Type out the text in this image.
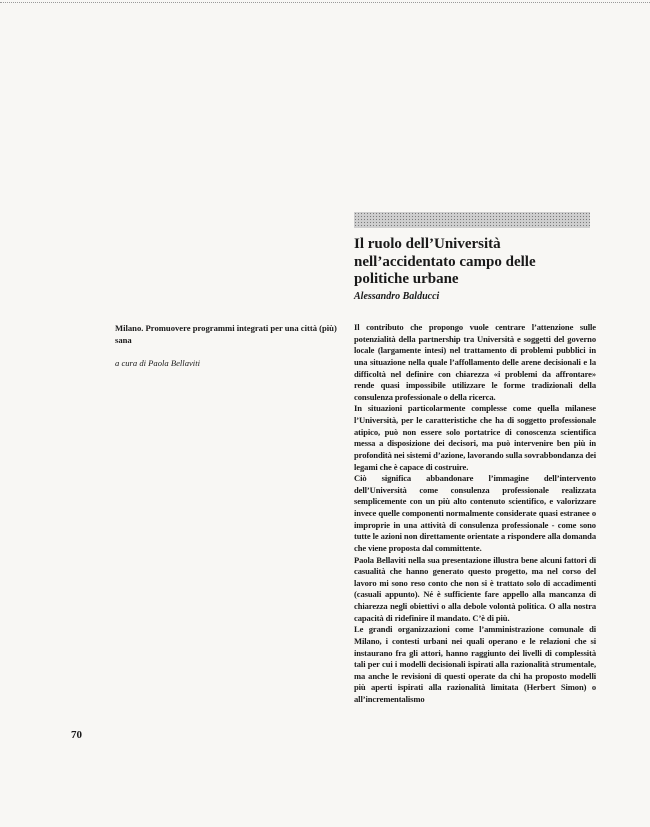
Il ruolo dell’Università nell’accidentato campo delle politiche urbane

Alessandro Balducci

Milano. Promuovere programmi integrati per una città (più) sana

a cura di Paola Bellaviti

Il contributo che propongo vuole centrare l’attenzione sulle potenzialità della partnership tra Università e soggetti del governo locale (largamente intesi) nel trattamento di problemi pubblici in una situazione nella quale l’affollamento delle arene decisionali e la difficoltà nel definire con chiarezza «i problemi da affrontare» rende quasi impossibile utilizzare le forme tradizionali della consulenza professionale o della ricerca.

In situazioni particolarmente complesse come quella milanese l’Università, per le caratteristiche che ha di soggetto professionale atipico, può non essere solo portatrice di conoscenza scientifica messa a disposizione dei decisori, ma può intervenire ben più in profondità nei sistemi d’azione, lavorando sulla sovrabbondanza dei legami che è capace di costruire.

Ciò significa abbandonare l’immagine dell’intervento dell’Università come consulenza professionale realizzata semplicemente con un più alto contenuto scientifico, e valorizzare invece quelle componenti normalmente considerate quasi estranee o improprie in una attività di consulenza professionale - come sono tutte le azioni non direttamente orientate a rispondere alla domanda che viene proposta dal committente.

Paola Bellaviti nella sua presentazione illustra bene alcuni fattori di casualità che hanno generato questo progetto, ma nel corso del lavoro mi sono reso conto che non si è trattato solo di accadimenti (casuali appunto). Né è sufficiente fare appello alla mancanza di chiarezza negli obiettivi o alla debole volontà politica. O alla nostra capacità di ridefinire il mandato. C’è di più.

Le grandi organizzazioni come l’amministrazione comunale di Milano, i contesti urbani nei quali operano e le relazioni che si instaurano fra gli attori, hanno raggiunto dei livelli di complessità tali per cui i modelli decisionali ispirati alla razionalità strumentale, ma anche le revisioni di questi operate da chi ha proposto modelli più aperti ispirati alla razionalità limitata (Herbert Simon) o all’incrementalismo

70
